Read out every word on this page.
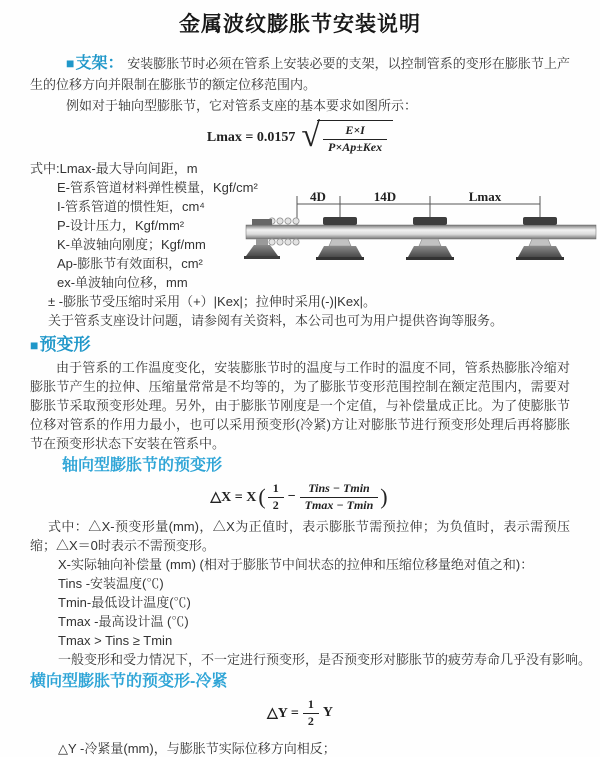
金属波纹膨胀节安装说明

■支架： 安装膨胀节时必须在管系上安装必要的支架，以控制管系的变形在膨胀节上产生的位移方向并限制在膨胀节的额定位移范围内。

例如对于轴向型膨胀节，它对管系支座的基本要求如图所示：

Lmax = 0.0157 √ $\frac{E\times I}{\text{P×Ap±Kex}}$
式中:Lmax-最大导向间距，m
E-管系管道材料弹性模量，Kgf/cm²
I-管系管道的惯性矩，cm⁴
P-设计压力，Kgf/mm²
K-单波轴向刚度；Kgf/mm
Ap-膨胀节有效面积，cm²
ex-单波轴向位移，mm
± -膨胀节受压缩时采用（+）|Kex|；拉伸时采用(-)|Kex|。
关于管系支座设计问题，请参阅有关资料，本公司也可为用户提供咨询等服务。
4D	14D	Lmax
■预变形

由于管系的工作温度变化，安装膨胀节时的温度与工作时的温度不同，管系热膨胀冷缩对膨胀节产生的拉伸、压缩量常常是不均等的，为了膨胀节变形范围控制在额定范围内，需要对膨胀节采取预变形处理。另外，由于膨胀节刚度是一个定值，与补偿量成正比。为了使膨胀节位移对管系的作用力最小，也可以采用预变形(冷紧)方让对膨胀节进行预变形处理后再将膨胀节在预变形状态下安装在管系中。

轴向型膨胀节的预变形
△X = X ( $\frac{1}{2} - \frac{\text{Tins − Tmin}}{Tmax - Tmin}$ )

式中：△X-预变形量(mm)，△X为正值时，表示膨胀节需预拉伸；为负值时，表示需预压缩；△X＝0时表示不需预变形。

X-实际轴向补偿量 (mm) (相对于膨胀节中间状态的拉伸和压缩位移量绝对值之和)：
Tins -安装温度(℃)
Tmin-最低设计温度(℃)
Tmax -最高设计温 (℃)
Tmax > Tins ≥ Tmin
一般变形和受力情况下，不一定进行预变形，是否预变形对膨胀节的疲劳寿命几乎没有影响。
横向型膨胀节的预变形-冷紧
△Y = $\frac{1}{2}$ Y
△Y -冷紧量(mm)，与膨胀节实际位移方向相反；
